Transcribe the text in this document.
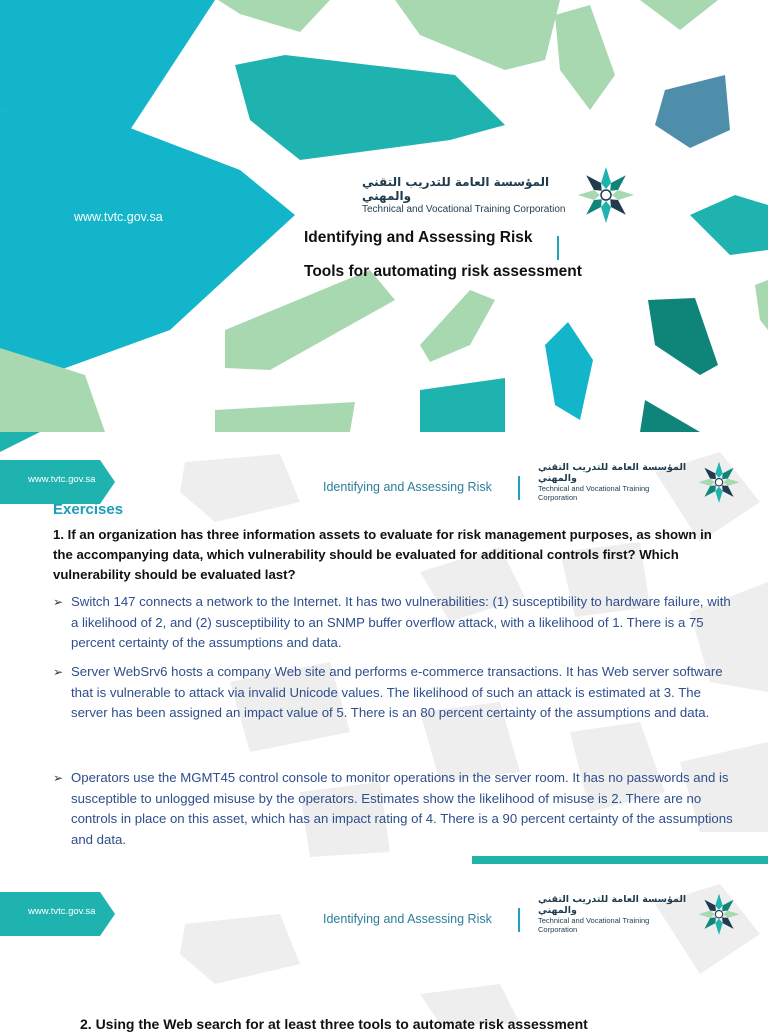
www.tvtc.gov.sa
المؤسسة العامة للتدريب التقني والمهني
Technical and Vocational Training Corporation
Identifying and Assessing Risk
Tools for automating risk assessment
www.tvtc.gov.sa
Identifying and Assessing Risk
المؤسسة العامة للتدريب التقني والمهني
Technical and Vocational Training Corporation
Exercises
1. If an organization has three information assets to evaluate for risk management purposes, as shown in the accompanying data, which vulnerability should be evaluated for additional controls first? Which vulnerability should be evaluated last?
➢ Switch 147 connects a network to the Internet. It has two vulnerabilities: (1) susceptibility to hardware failure, with a likelihood of 2, and (2) susceptibility to an SNMP buffer overflow attack, with a likelihood of 1. There is a 75 percent certainty of the assumptions and data.
➢ Server WebSrv6 hosts a company Web site and performs e-commerce transactions. It has Web server software that is vulnerable to attack via invalid Unicode values. The likelihood of such an attack is estimated at 3. The server has been assigned an impact value of 5. There is an 80 percent certainty of the assumptions and data.
➢ Operators use the MGMT45 control console to monitor operations in the server room. It has no passwords and is susceptible to unlogged misuse by the operators. Estimates show the likelihood of misuse is 2. There are no controls in place on this asset, which has an impact rating of 4. There is a 90 percent certainty of the assumptions and data.
www.tvtc.gov.sa
Identifying and Assessing Risk
المؤسسة العامة للتدريب التقني والمهني
Technical and Vocational Training Corporation
2. Using the Web search for at least three tools to automate risk assessment
